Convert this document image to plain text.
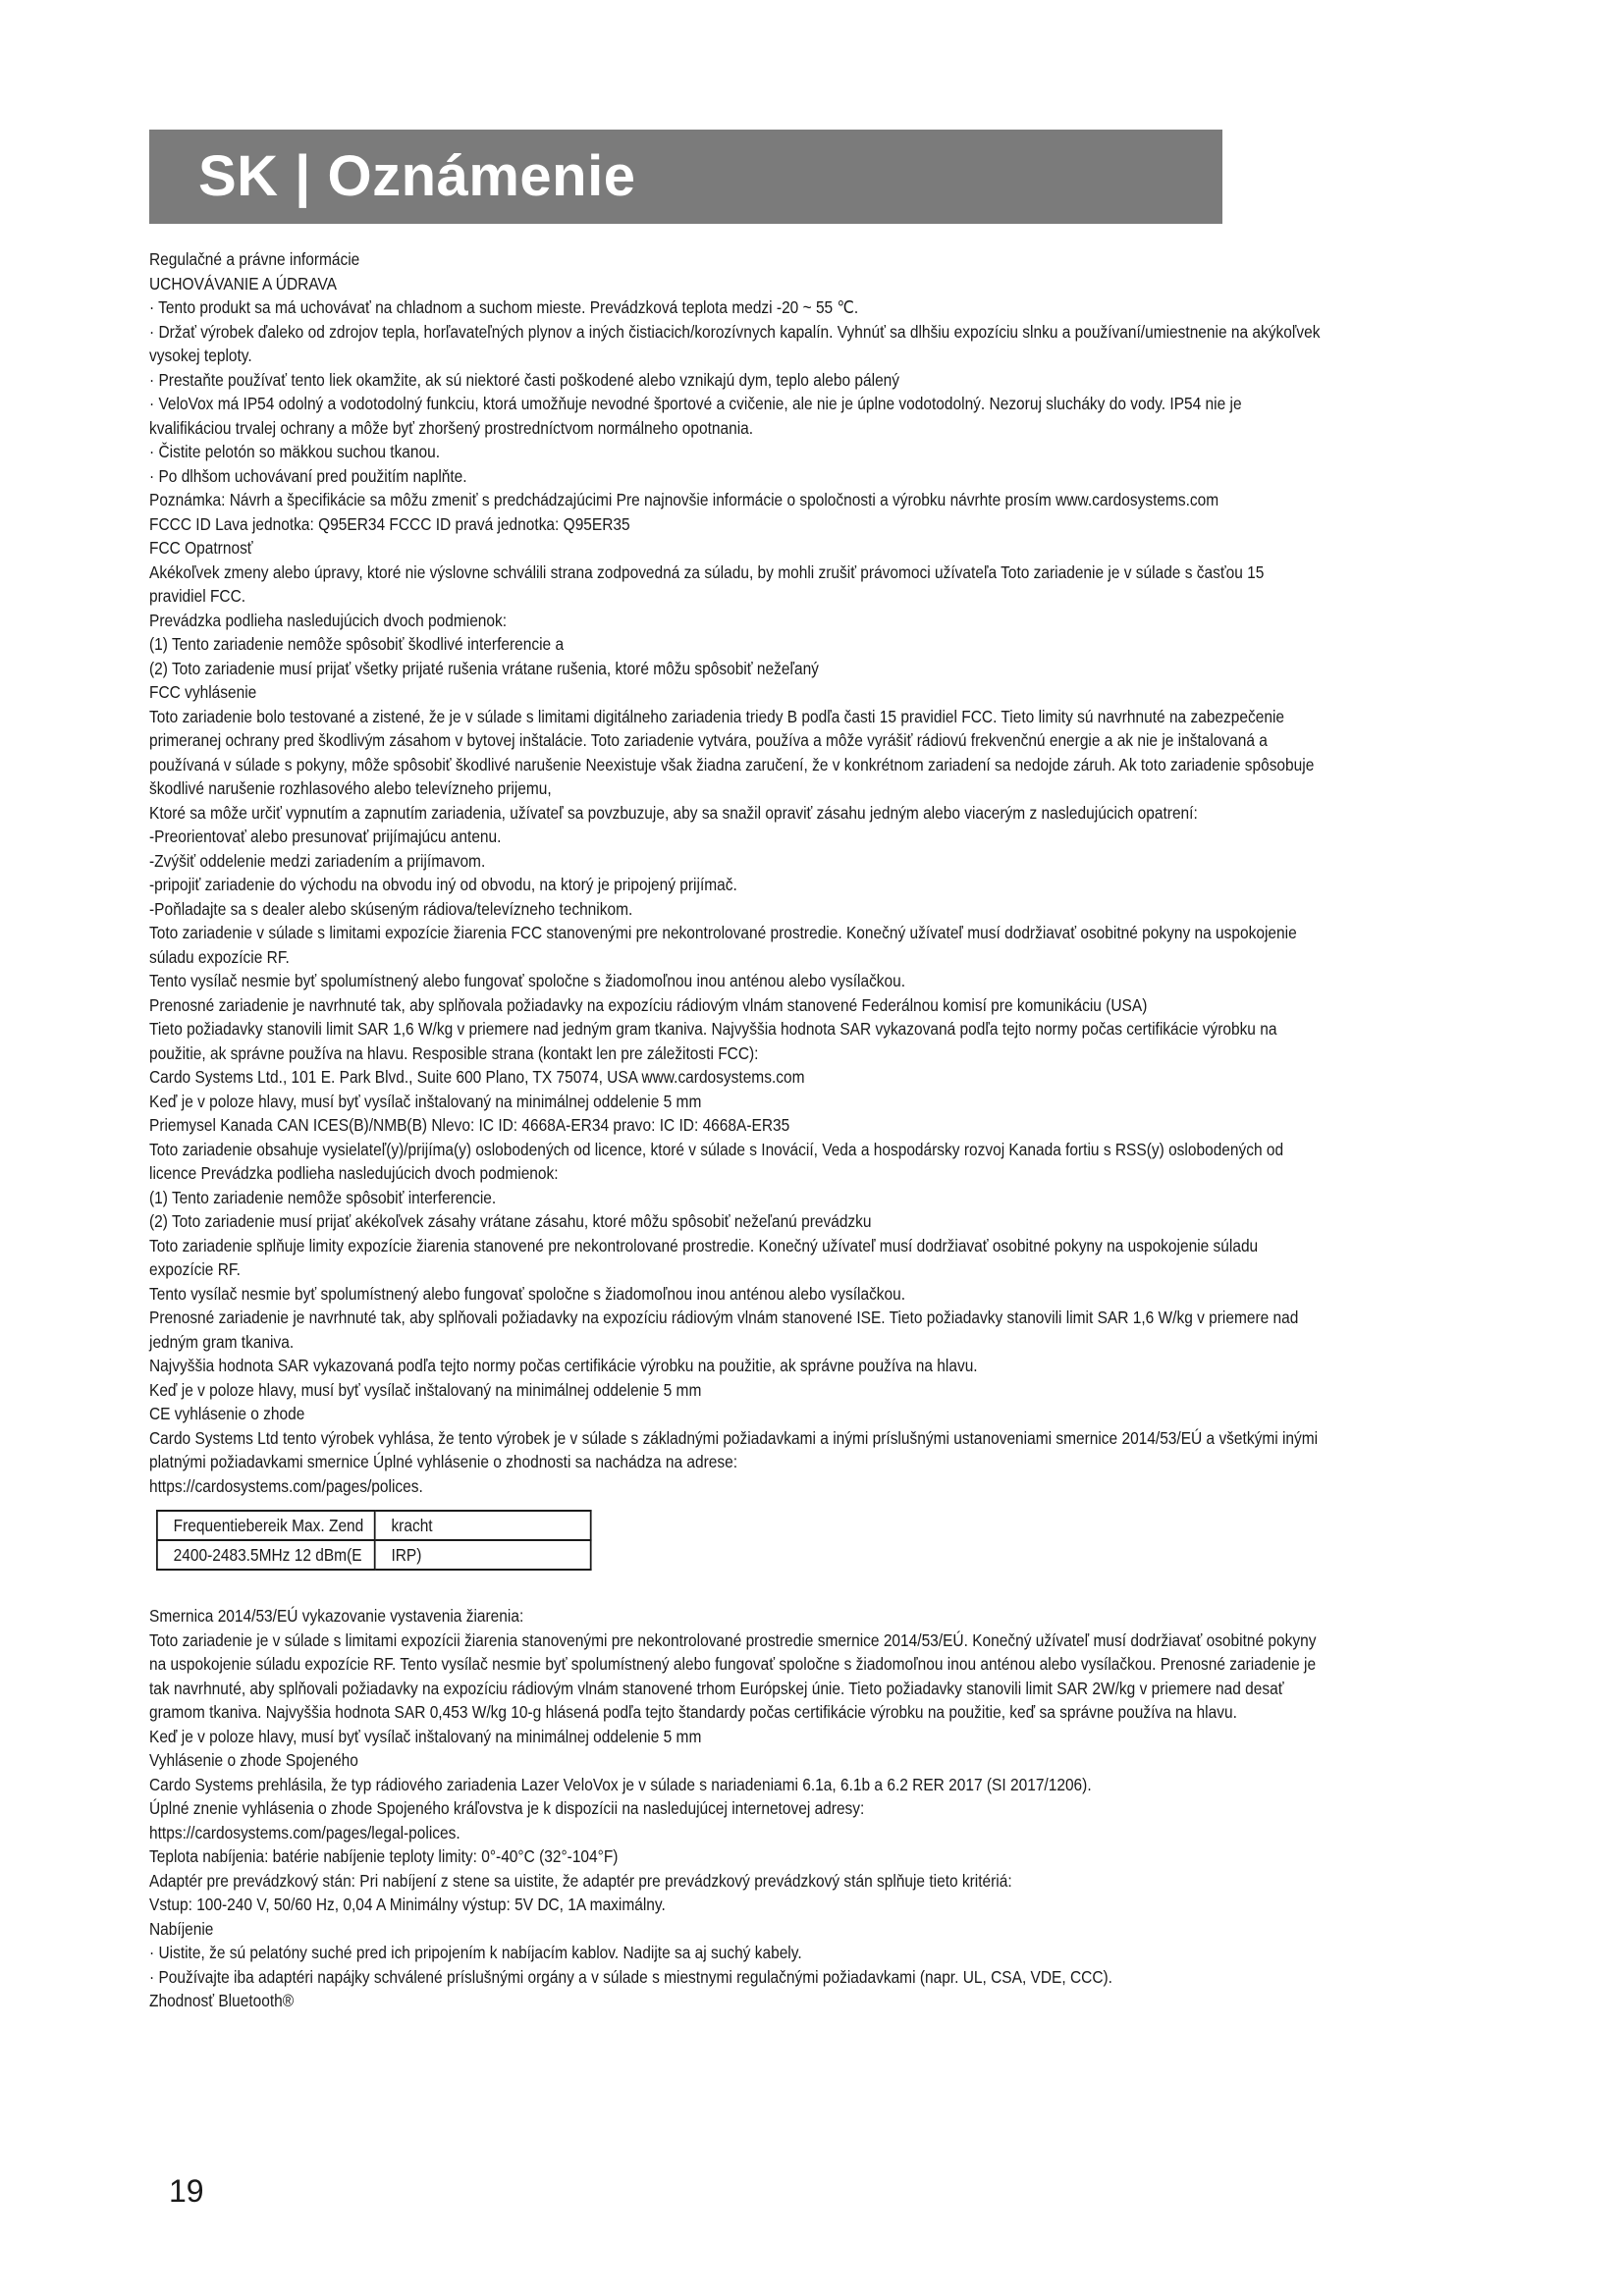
SK | Oznámenie

Regulačné a právne informácie

UCHOVÁVANIE A ÚDRAVA

· Tento produkt sa má uchovávať na chladnom a suchom mieste. Prevádzková teplota medzi -20 ~ 55 ℃.

· Držať výrobek ďaleko od zdrojov tepla, horľavateľných plynov a iných čistiacich/korozívnych kapalín. Vyhnúť sa dlhšiu expozíciu slnku a používaní/umiestnenie na akýkoľvek vysokej teploty.

· Prestaňte používať tento liek okamžite, ak sú niektoré časti poškodené alebo vznikajú dym, teplo alebo pálený

· VeloVox má IP54 odolný a vodotodolný funkciu, ktorá umožňuje nevodné športové a cvičenie, ale nie je úplne vodotodolný. Nezoruj slucháky do vody. IP54 nie je kvalifikáciou trvalej ochrany a môže byť zhoršený prostredníctvom normálneho opotnania.

· Čistite pelotón so mäkkou suchou tkanou.

· Po dlhšom uchovávaní pred použitím naplňte.

Poznámka: Návrh a špecifikácie sa môžu zmeniť s predchádzajúcimi Pre najnovšie informácie o spoločnosti a výrobku návrhte prosím www.cardosystems.com

FCCC ID Lava jednotka: Q95ER34 FCCC ID pravá jednotka: Q95ER35

FCC Opatrnosť

Akékoľvek zmeny alebo úpravy, ktoré nie výslovne schválili strana zodpovedná za súladu, by mohli zrušiť právomoci užívateľa Toto zariadenie je v súlade s časťou 15 pravidiel FCC.

Prevádzka podlieha nasledujúcich dvoch podmienok:

(1) Tento zariadenie nemôže spôsobiť škodlivé interferencie a

(2) Toto zariadenie musí prijať všetky prijaté rušenia vrátane rušenia, ktoré môžu spôsobiť nežeľaný

FCC vyhlásenie

Toto zariadenie bolo testované a zistené, že je v súlade s limitami digitálneho zariadenia triedy B podľa časti 15 pravidiel FCC. Tieto limity sú navrhnuté na zabezpečenie primeranej ochrany pred škodlivým zásahom v bytovej inštalácie. Toto zariadenie vytvára, používa a môže vyrášiť rádiovú frekvenčnú energie a ak nie je inštalovaná a používaná v súlade s pokyny, môže spôsobiť škodlivé narušenie Neexistuje však žiadna zaručení, že v konkrétnom zariadení sa nedojde záruh. Ak toto zariadenie spôsobuje škodlivé narušenie rozhlasového alebo televízneho prijemu,

Ktoré sa môže určiť vypnutím a zapnutím zariadenia, užívateľ sa povzbuzuje, aby sa snažil opraviť zásahu jedným alebo viacerým z nasledujúcich opatrení:

-Preorientovať alebo presunovať prijímajúcu antenu.

-Zvýšiť oddelenie medzi zariadením a prijímavom.

-pripojiť zariadenie do východu na obvodu iný od obvodu, na ktorý je pripojený prijímač.

-Poňladajte sa s dealer alebo skúseným rádiova/televízneho technikom.

Toto zariadenie v súlade s limitami expozície žiarenia FCC stanovenými pre nekontrolované prostredie. Konečný užívateľ musí dodržiavať osobitné pokyny na uspokojenie súladu expozície RF.

Tento vysílač nesmie byť spolumístnený alebo fungovať spoločne s žiadomoľnou inou anténou alebo vysílačkou.

Prenosné zariadenie je navrhnuté tak, aby splňovala požiadavky na expozíciu rádiovým vlnám stanovené Federálnou komisí pre komunikáciu (USA)

Tieto požiadavky stanovili limit SAR 1,6 W/kg v priemere nad jedným gram tkaniva. Najvyššia hodnota SAR vykazovaná podľa tejto normy počas certifikácie výrobku na použitie, ak správne používa na hlavu. Resposible strana (kontakt len pre záležitosti FCC):

Cardo Systems Ltd., 101 E. Park Blvd., Suite 600 Plano, TX 75074, USA www.cardosystems.com

Keď je v poloze hlavy, musí byť vysílač inštalovaný na minimálnej oddelenie 5 mm

Priemysel Kanada CAN ICES(B)/NMB(B) Nlevo: IC ID: 4668A-ER34 pravo: IC ID: 4668A-ER35

Toto zariadenie obsahuje vysielateľ(y)/prijíma(y) oslobodených od licence, ktoré v súlade s Inovácií, Veda a hospodársky rozvoj Kanada fortiu s RSS(y) oslobodených od licence Prevádzka podlieha nasledujúcich dvoch podmienok:

(1) Tento zariadenie nemôže spôsobiť interferencie.

(2) Toto zariadenie musí prijať akékoľvek zásahy vrátane zásahu, ktoré môžu spôsobiť nežeľanú prevádzku

Toto zariadenie splňuje limity expozície žiarenia stanovené pre nekontrolované prostredie. Konečný užívateľ musí dodržiavať osobitné pokyny na uspokojenie súladu expozície RF.

Tento vysílač nesmie byť spolumístnený alebo fungovať spoločne s žiadomoľnou inou anténou alebo vysílačkou.

Prenosné zariadenie je navrhnuté tak, aby splňovali požiadavky na expozíciu rádiovým vlnám stanovené ISE. Tieto požiadavky stanovili limit SAR 1,6 W/kg v priemere nad jedným gram tkaniva.

Najvyššia hodnota SAR vykazovaná podľa tejto normy počas certifikácie výrobku na použitie, ak správne používa na hlavu.

Keď je v poloze hlavy, musí byť vysílač inštalovaný na minimálnej oddelenie 5 mm

CE vyhlásenie o zhode

Cardo Systems Ltd tento výrobek vyhlása, že tento výrobek je v súlade s základnými požiadavkami a inými príslušnými ustanoveniami smernice 2014/53/EÚ a všetkými inými platnými požiadavkami smernice Úplné vyhlásenie o zhodnosti sa nachádza na adrese:

https://cardosystems.com/pages/polices.

Frequentiebereik Max. Zend	kracht
2400-2483.5MHz 12 dBm(E	IRP)

Smernica 2014/53/EÚ vykazovanie vystavenia žiarenia:

Toto zariadenie je v súlade s limitami expozícii žiarenia stanovenými pre nekontrolované prostredie smernice 2014/53/EÚ. Konečný užívateľ musí dodržiavať osobitné pokyny na uspokojenie súladu expozície RF. Tento vysílač nesmie byť spolumístnený alebo fungovať spoločne s žiadomoľnou inou anténou alebo vysílačkou. Prenosné zariadenie je tak navrhnuté, aby splňovali požiadavky na expozíciu rádiovým vlnám stanovené trhom Európskej únie. Tieto požiadavky stanovili limit SAR 2W/kg v priemere nad desať gramom tkaniva. Najvyššia hodnota SAR 0,453 W/kg 10-g hlásená podľa tejto štandardy počas certifikácie výrobku na použitie, keď sa správne používa na hlavu.

Keď je v poloze hlavy, musí byť vysílač inštalovaný na minimálnej oddelenie 5 mm

Vyhlásenie o zhode Spojeného

Cardo Systems prehlásila, že typ rádiového zariadenia Lazer VeloVox je v súlade s nariadeniami 6.1a, 6.1b a 6.2 RER 2017 (SI 2017/1206).

Úplné znenie vyhlásenia o zhode Spojeného kráľovstva je k dispozícii na nasledujúcej internetovej adresy:

https://cardosystems.com/pages/legal-polices.

Teplota nabíjenia: batérie nabíjenie teploty limity: 0°-40°C (32°-104°F)

Adaptér pre prevádzkový stán: Pri nabíjení z stene sa uistite, že adaptér pre prevádzkový prevádzkový stán splňuje tieto kritériá:

Vstup: 100-240 V, 50/60 Hz, 0,04 A Minimálny výstup: 5V DC, 1A maximálny.

Nabíjenie

· Uistite, že sú pelatóny suché pred ich pripojením k nabíjacím kablov. Nadijte sa aj suchý kabely.

· Používajte iba adaptéri napájky schválené príslušnými orgány a v súlade s miestnymi regulačnými požiadavkami (napr. UL, CSA, VDE, CCC).

Zhodnosť Bluetooth®

19
